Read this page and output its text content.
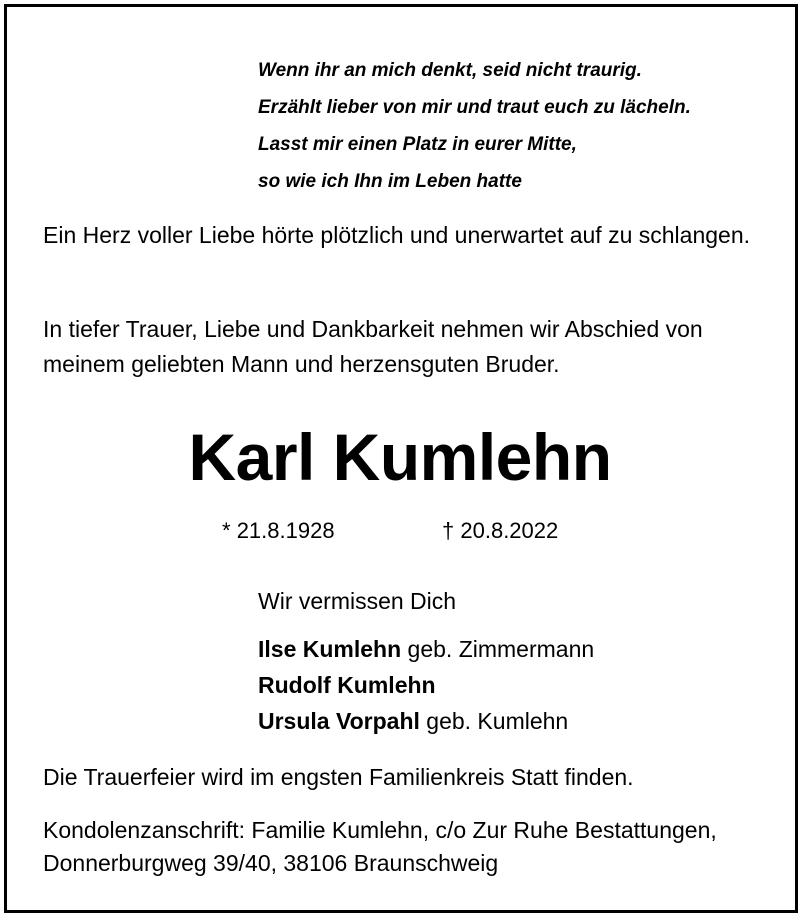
Wenn ihr an mich denkt, seid nicht traurig.
Erzählt lieber von mir und traut euch zu lächeln.
Lasst mir einen Platz in eurer Mitte,
so wie ich Ihn im Leben hatte
Ein Herz voller Liebe hörte plötzlich und unerwartet auf zu schlangen.
In tiefer Trauer, Liebe und Dankbarkeit nehmen wir Abschied von meinem geliebten Mann und herzensguten Bruder.
Karl Kumlehn
* 21.8.1928	† 20.8.2022
Wir vermissen Dich
Ilse Kumlehn geb. Zimmermann
Rudolf Kumlehn
Ursula Vorpahl geb. Kumlehn
Die Trauerfeier wird im engsten Familienkreis Statt finden.
Kondolenzanschrift: Familie Kumlehn, c/o Zur Ruhe Bestattungen,
Donnerburgweg 39/40, 38106 Braunschweig
